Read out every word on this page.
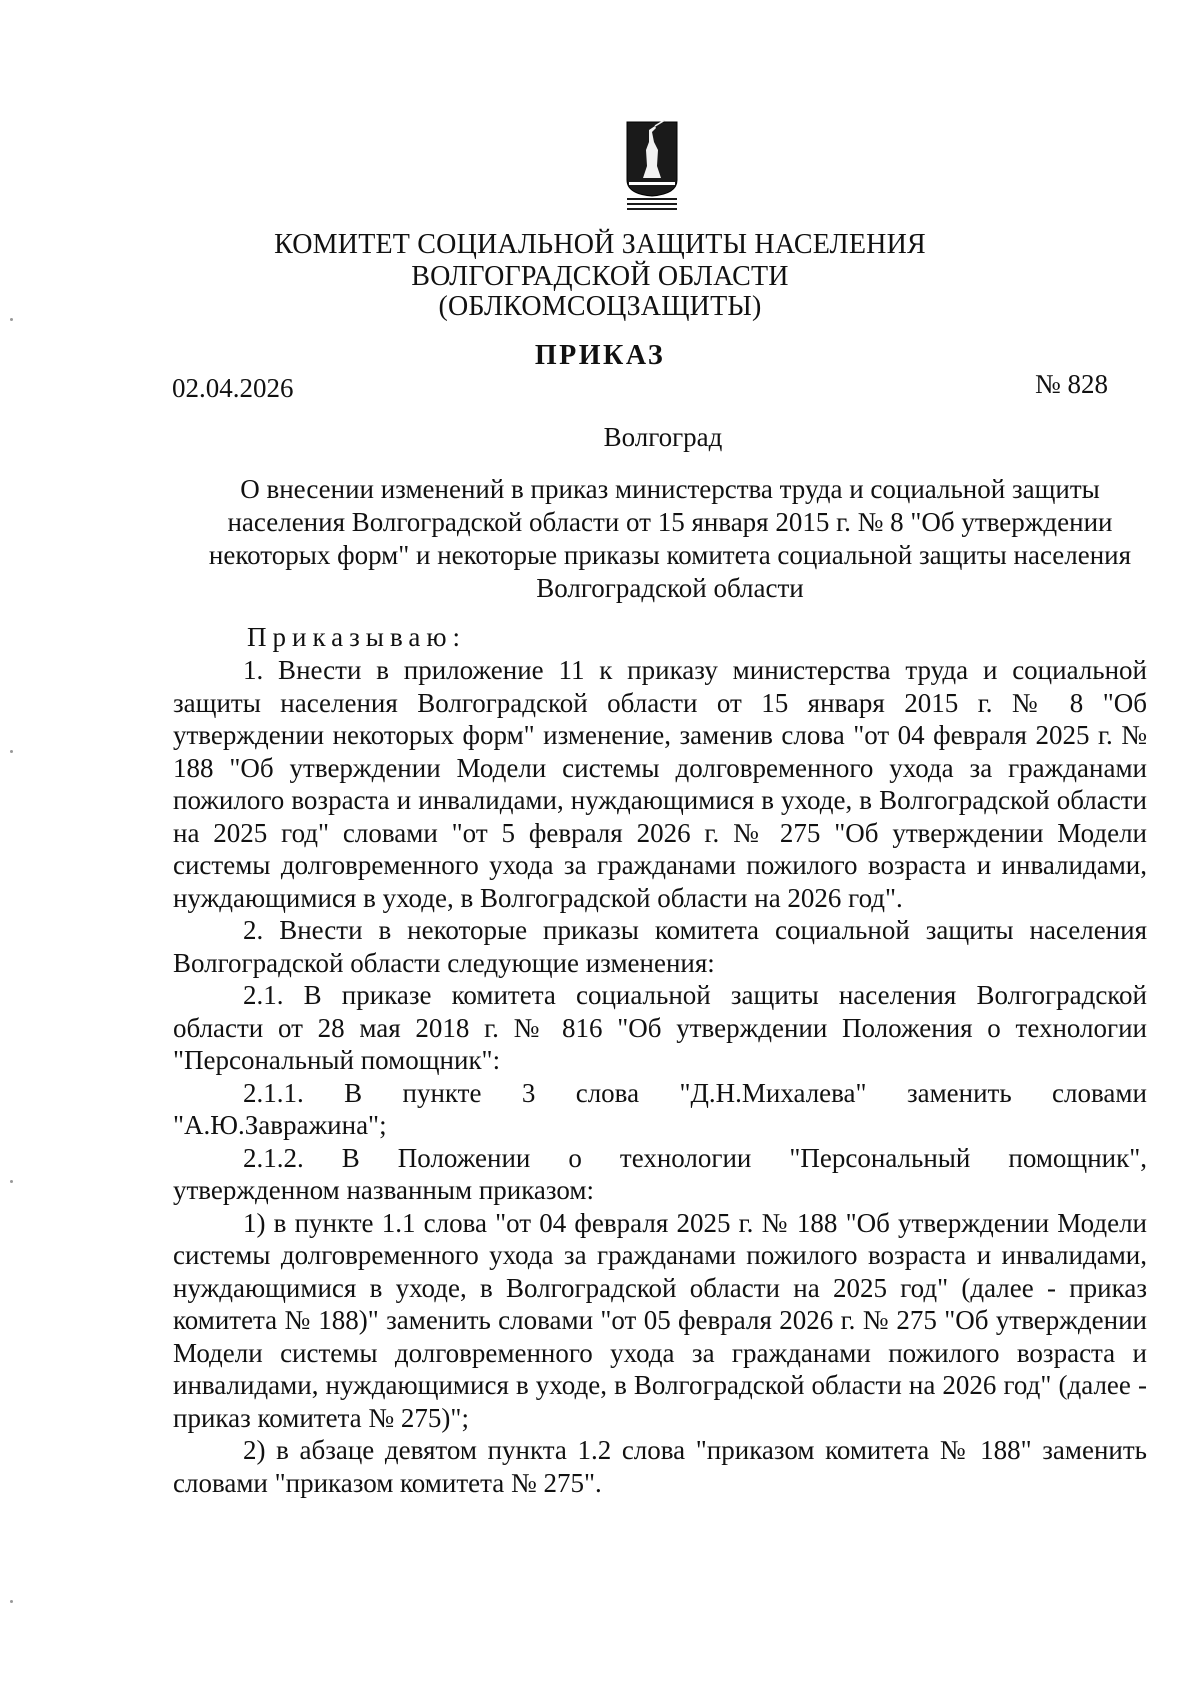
КОМИТЕТ СОЦИАЛЬНОЙ ЗАЩИТЫ НАСЕЛЕНИЯ
ВОЛГОГРАДСКОЙ ОБЛАСТИ
(ОБЛКОМСОЦЗАЩИТЫ)
ПРИКАЗ
02.04.2026	№ 828
Волгоград
О внесении изменений в приказ министерства труда и социальной защиты населения Волгоградской области от 15 января 2015 г. № 8 "Об утверждении некоторых форм" и некоторые приказы комитета социальной защиты населения Волгоградской области
Приказываю:

1. Внести в приложение 11 к приказу министерства труда и социальной защиты населения Волгоградской области от 15 января 2015 г. № 8 "Об утверждении некоторых форм" изменение, заменив слова "от 04 февраля 2025 г. № 188 "Об утверждении Модели системы долговременного ухода за гражданами пожилого возраста и инвалидами, нуждающимися в уходе, в Волгоградской области на 2025 год" словами "от 5 февраля 2026 г. № 275 "Об утверждении Модели системы долговременного ухода за гражданами пожилого возраста и инвалидами, нуждающимися в уходе, в Волгоградской области на 2026 год".

2. Внести в некоторые приказы комитета социальной защиты населения Волгоградской области следующие изменения:

2.1. В приказе комитета социальной защиты населения Волгоградской области от 28 мая 2018 г. № 816 "Об утверждении Положения о технологии "Персональный помощник":

2.1.1. В пункте 3 слова "Д.Н.Михалева" заменить словами
"А.Ю.Завражина";
2.1.2. В Положении о технологии "Персональный помощник",
утвержденном названным приказом:

1) в пункте 1.1 слова "от 04 февраля 2025 г. № 188 "Об утверждении Модели системы долговременного ухода за гражданами пожилого возраста и инвалидами, нуждающимися в уходе, в Волгоградской области на 2025 год" (далее - приказ комитета № 188)" заменить словами "от 05 февраля 2026 г. № 275 "Об утверждении Модели системы долговременного ухода за гражданами пожилого возраста и инвалидами, нуждающимися в уходе, в Волгоградской области на 2026 год" (далее - приказ комитета № 275)";

2) в абзаце девятом пункта 1.2 слова "приказом комитета № 188" заменить словами "приказом комитета № 275".
